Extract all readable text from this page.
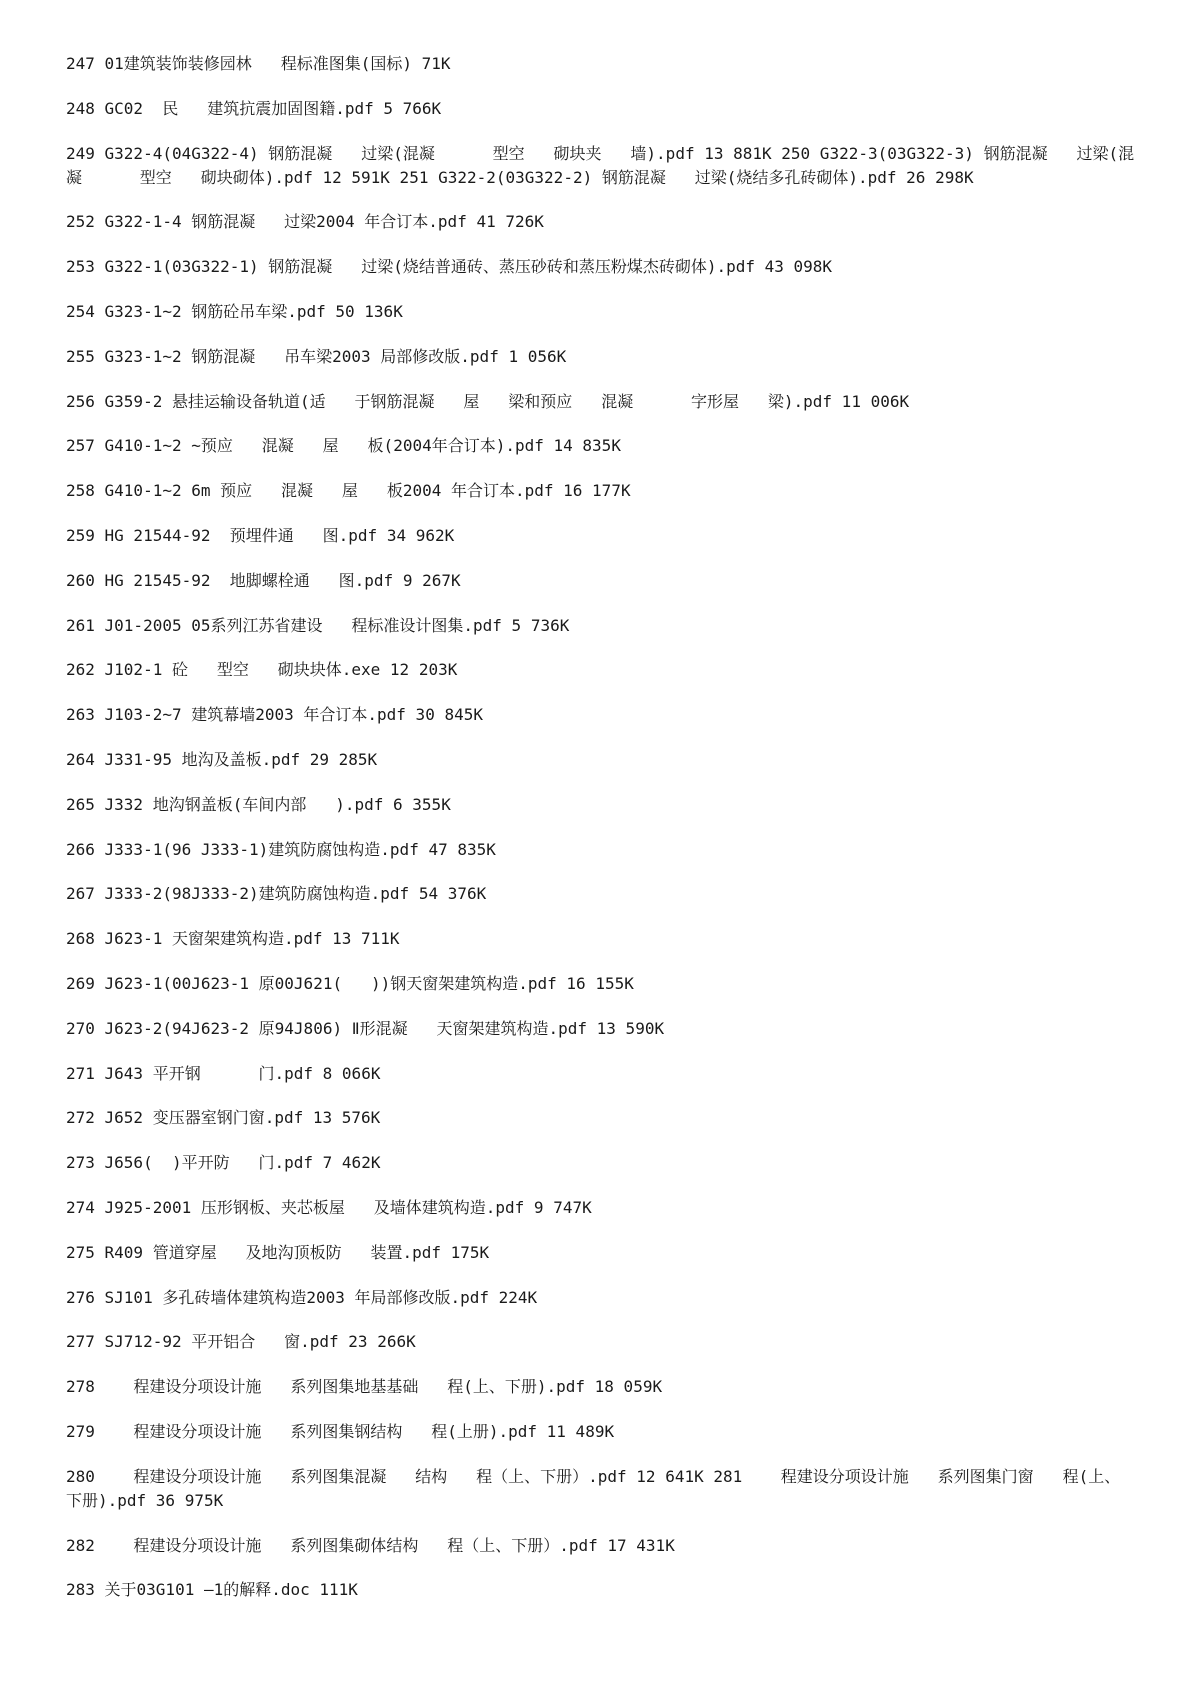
247 01建筑装饰装修园林   程标准图集(国标) 71K
248 GC02  民   建筑抗震加固图籍.pdf 5 766K
249 G322-4(04G322-4) 钢筋混凝   过梁(混凝      型空   砌块夹   墙).pdf 13 881K 250 G322-3(03G322-3) 钢筋混凝   过梁(混凝      型空   砌块砌体).pdf 12 591K 251 G322-2(03G322-2) 钢筋混凝   过梁(烧结多孔砖砌体).pdf 26 298K
252 G322-1-4 钢筋混凝   过梁2004 年合订本.pdf 41 726K
253 G322-1(03G322-1) 钢筋混凝   过梁(烧结普通砖、蒸压砂砖和蒸压粉煤杰砖砌体).pdf 43 098K
254 G323-1~2 钢筋砼吊车梁.pdf 50 136K
255 G323-1~2 钢筋混凝   吊车梁2003 局部修改版.pdf 1 056K
256 G359-2 悬挂运输设备轨道(适   于钢筋混凝   屋   梁和预应   混凝      字形屋   梁).pdf 11 006K
257 G410-1~2 ~预应   混凝   屋   板(2004年合订本).pdf 14 835K
258 G410-1~2 6m 预应   混凝   屋   板2004 年合订本.pdf 16 177K
259 HG 21544-92  预埋件通   图.pdf 34 962K
260 HG 21545-92  地脚螺栓通   图.pdf 9 267K
261 J01-2005 05系列江苏省建设   程标准设计图集.pdf 5 736K
262 J102-1 砼   型空   砌块块体.exe 12 203K
263 J103-2~7 建筑幕墙2003 年合订本.pdf 30 845K
264 J331-95 地沟及盖板.pdf 29 285K
265 J332 地沟钢盖板(车间内部   ).pdf 6 355K
266 J333-1(96 J333-1)建筑防腐蚀构造.pdf 47 835K
267 J333-2(98J333-2)建筑防腐蚀构造.pdf 54 376K
268 J623-1 天窗架建筑构造.pdf 13 711K
269 J623-1(00J623-1 原00J621(   ))钢天窗架建筑构造.pdf 16 155K
270 J623-2(94J623-2 原94J806) Ⅱ形混凝   天窗架建筑构造.pdf 13 590K
271 J643 平开钢      门.pdf 8 066K
272 J652 变压器室钢门窗.pdf 13 576K
273 J656(  )平开防   门.pdf 7 462K
274 J925-2001 压形钢板、夹芯板屋   及墙体建筑构造.pdf 9 747K
275 R409 管道穿屋   及地沟顶板防   装置.pdf 175K
276 SJ101 多孔砖墙体建筑构造2003 年局部修改版.pdf 224K
277 SJ712-92 平开铝合   窗.pdf 23 266K
278    程建设分项设计施   系列图集地基基础   程(上、下册).pdf 18 059K
279    程建设分项设计施   系列图集钢结构   程(上册).pdf 11 489K
280    程建设分项设计施   系列图集混凝   结构   程（上、下册）.pdf 12 641K 281    程建设分项设计施   系列图集门窗   程(上、下册).pdf 36 975K
282    程建设分项设计施   系列图集砌体结构   程（上、下册）.pdf 17 431K
283 关于03G101 —1的解释.doc 111K
